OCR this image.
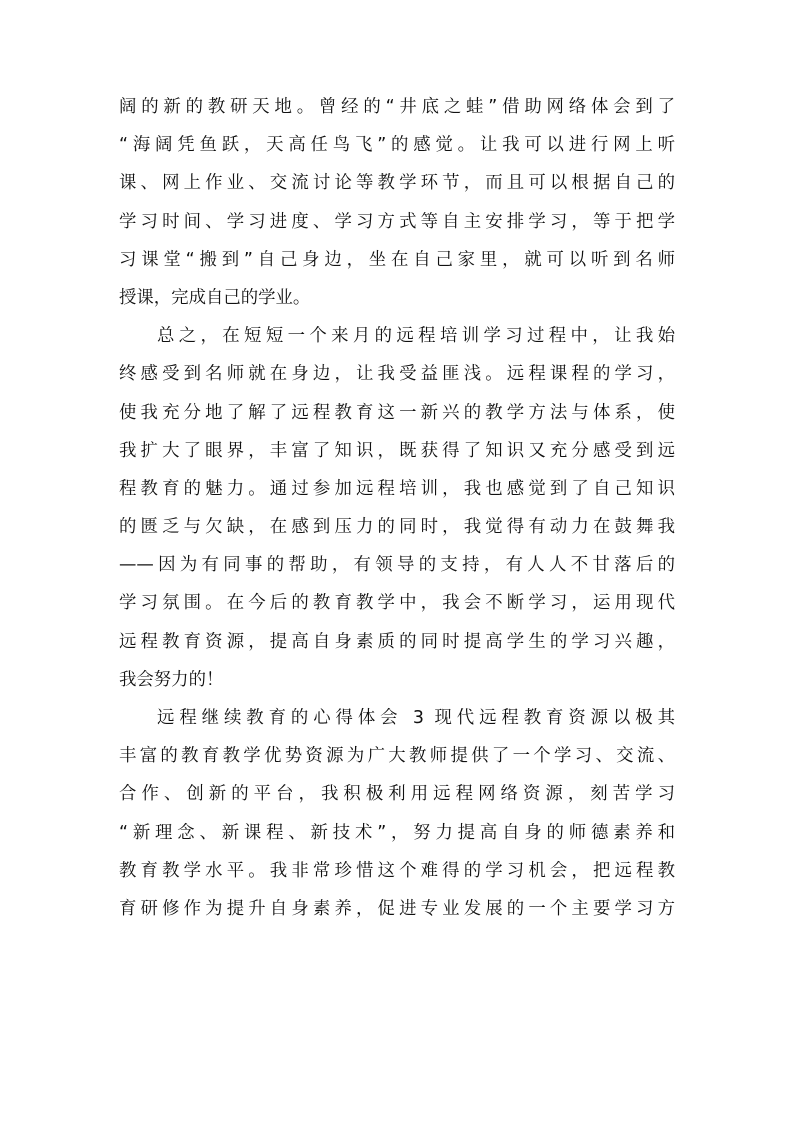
阔的新的教研天地。曾经的“井底之蛙”借助网络体会到了
“海阔凭鱼跃，天高任鸟飞”的感觉。让我可以进行网上听
课、网上作业、交流讨论等教学环节，而且可以根据自己的
学习时间、学习进度、学习方式等自主安排学习，等于把学
习课堂“搬到”自己身边，坐在自己家里，就可以听到名师
授课，完成自己的学业。
总之，在短短一个来月的远程培训学习过程中，让我始
终感受到名师就在身边，让我受益匪浅。远程课程的学习，
使我充分地了解了远程教育这一新兴的教学方法与体系，使
我扩大了眼界，丰富了知识，既获得了知识又充分感受到远
程教育的魅力。通过参加远程培训，我也感觉到了自己知识
的匮乏与欠缺，在感到压力的同时，我觉得有动力在鼓舞我
——因为有同事的帮助，有领导的支持，有人人不甘落后的
学习氛围。在今后的教育教学中，我会不断学习，运用现代
远程教育资源，提高自身素质的同时提高学生的学习兴趣，
我会努力的！
远程继续教育的心得体会 3 现代远程教育资源以极其
丰富的教育教学优势资源为广大教师提供了一个学习、交流、
合作、创新的平台，我积极利用远程网络资源，刻苦学习
“新理念、新课程、新技术”，努力提高自身的师德素养和
教育教学水平。我非常珍惜这个难得的学习机会，把远程教
育研修作为提升自身素养，促进专业发展的一个主要学习方
